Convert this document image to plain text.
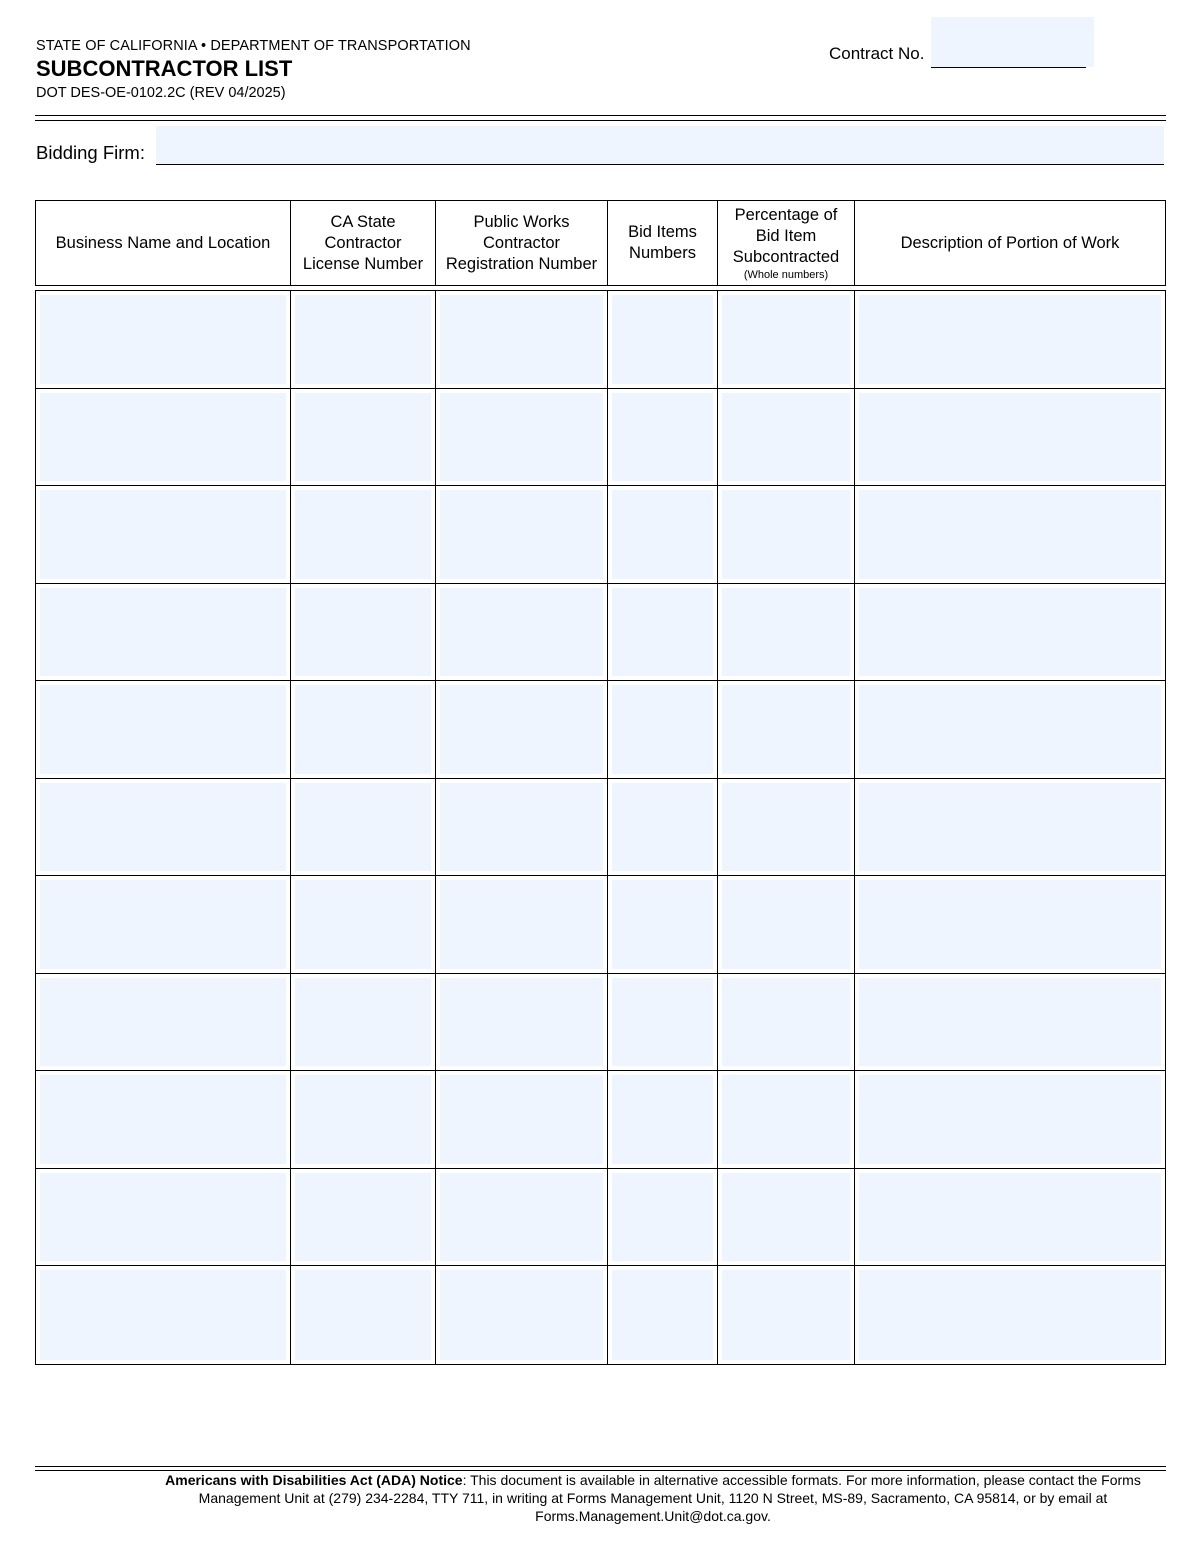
STATE OF CALIFORNIA • DEPARTMENT OF TRANSPORTATION
SUBCONTRACTOR LIST
DOT DES-OE-0102.2C (REV 04/2025)
Contract No.
Bidding Firm:
Business Name and Location
CA State
Contractor
License Number
Public Works
Contractor
Registration Number
Bid Items
Numbers
Percentage of
Bid Item
Subcontracted
(Whole numbers)
Description of Portion of Work
Americans with Disabilities Act (ADA) Notice: This document is available in alternative accessible formats. For more information, please contact the Forms Management Unit at (279) 234-2284, TTY 711, in writing at Forms Management Unit, 1120 N Street, MS-89, Sacramento, CA 95814, or by email at Forms.Management.Unit@dot.ca.gov.
